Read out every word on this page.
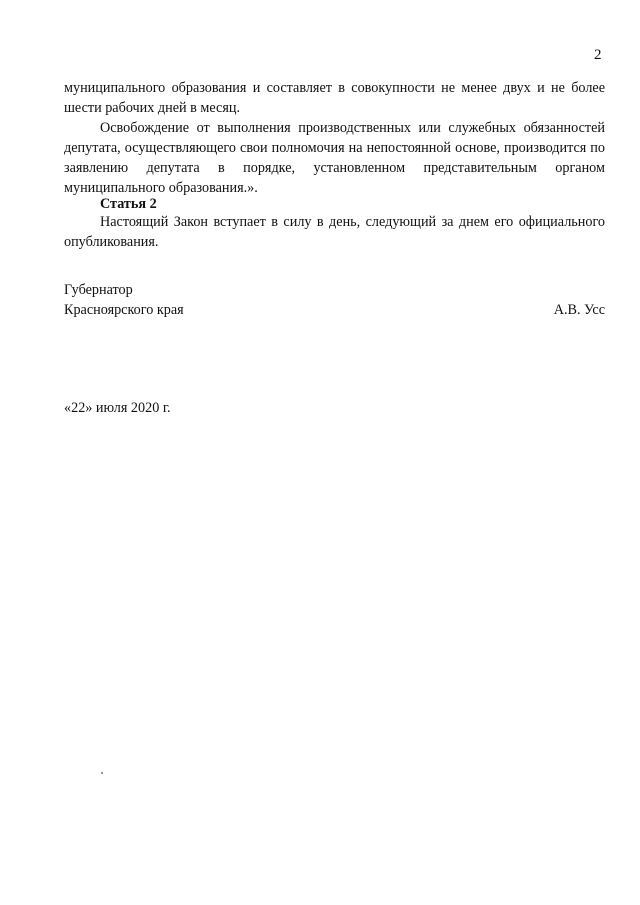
2

муниципального образования и составляет в совокупности не менее двух и не более шести рабочих дней в месяц.

Освобождение от выполнения производственных или служебных обязанностей депутата, осуществляющего свои полномочия на непостоянной основе, производится по заявлению депутата в порядке, установленном представительным органом муниципального образования.».

Статья 2

Настоящий Закон вступает в силу в день, следующий за днем его официального опубликования.

Губернатор
Красноярского края	А.В. Усс
«22» июля 2020 г.
